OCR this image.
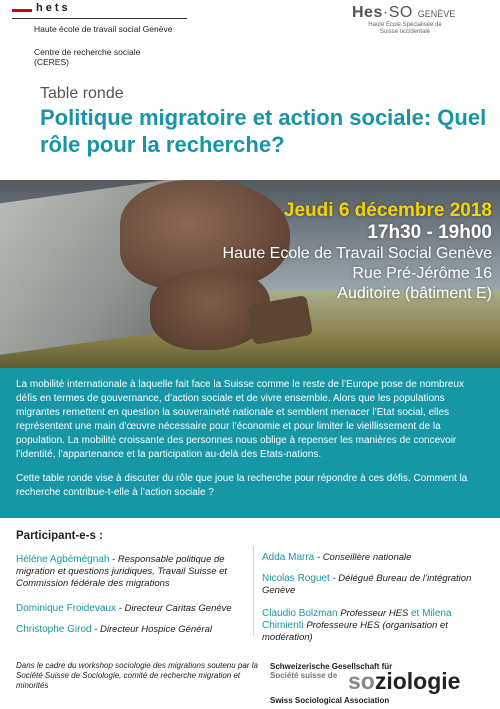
hets
Haute école de travail social Genève
Centre de recherche sociale (CERES)
Hes·SO GENÈVE
Haute Ecole Spécialisée de Suisse occidentale
Table ronde
Politique migratoire et action sociale: Quel rôle pour la recherche?
Jeudi 6 décembre 2018
17h30 - 19h00
Haute Ecole de Travail Social Genève
Rue Pré-Jérôme 16
Auditoire (bâtiment E)

La mobilité internationale à laquelle fait face la Suisse comme le reste de l’Europe pose de nombreux défis en termes de gouvernance, d’action sociale et de vivre ensemble. Alors que les populations migrantes remettent en question la souveraineté nationale et semblent menacer l’Etat social, elles représentent une main d’œuvre nécessaire pour l’économie et pour limiter le vieillissement de la population. La mobilité croissante des personnes nous oblige à repenser les manières de concevoir l’identité, l’appartenance et la participation au-delà des Etats-nations.

Cette table ronde vise à discuter du rôle que joue la recherche pour répondre à ces défis. Comment la recherche contribue-t-elle à l’action sociale ?

Participant-e-s :
Hélène Agbémégnah - Responsable politique de migration et questions juridiques, Travail Suisse et Commission fédérale des migrations
Dominique Froidevaux - Directeur Caritas Genève
Christophe Girod - Directeur Hospice Général
Adda Marra - Conseillère nationale
Nicolas Roguet - Délégué Bureau de l’intégration Genève
Claudio Bolzman Professeur HES et Milena Chimienti Professeure HES (organisation et modération)
Dans le cadre du workshop sociologie des migrations soutenu par la Société Suisse de Sociologie, comité de recherche migration et minorités
Schweizerische Gesellschaft für
Société suisse de soziologie
Swiss Sociological Association
